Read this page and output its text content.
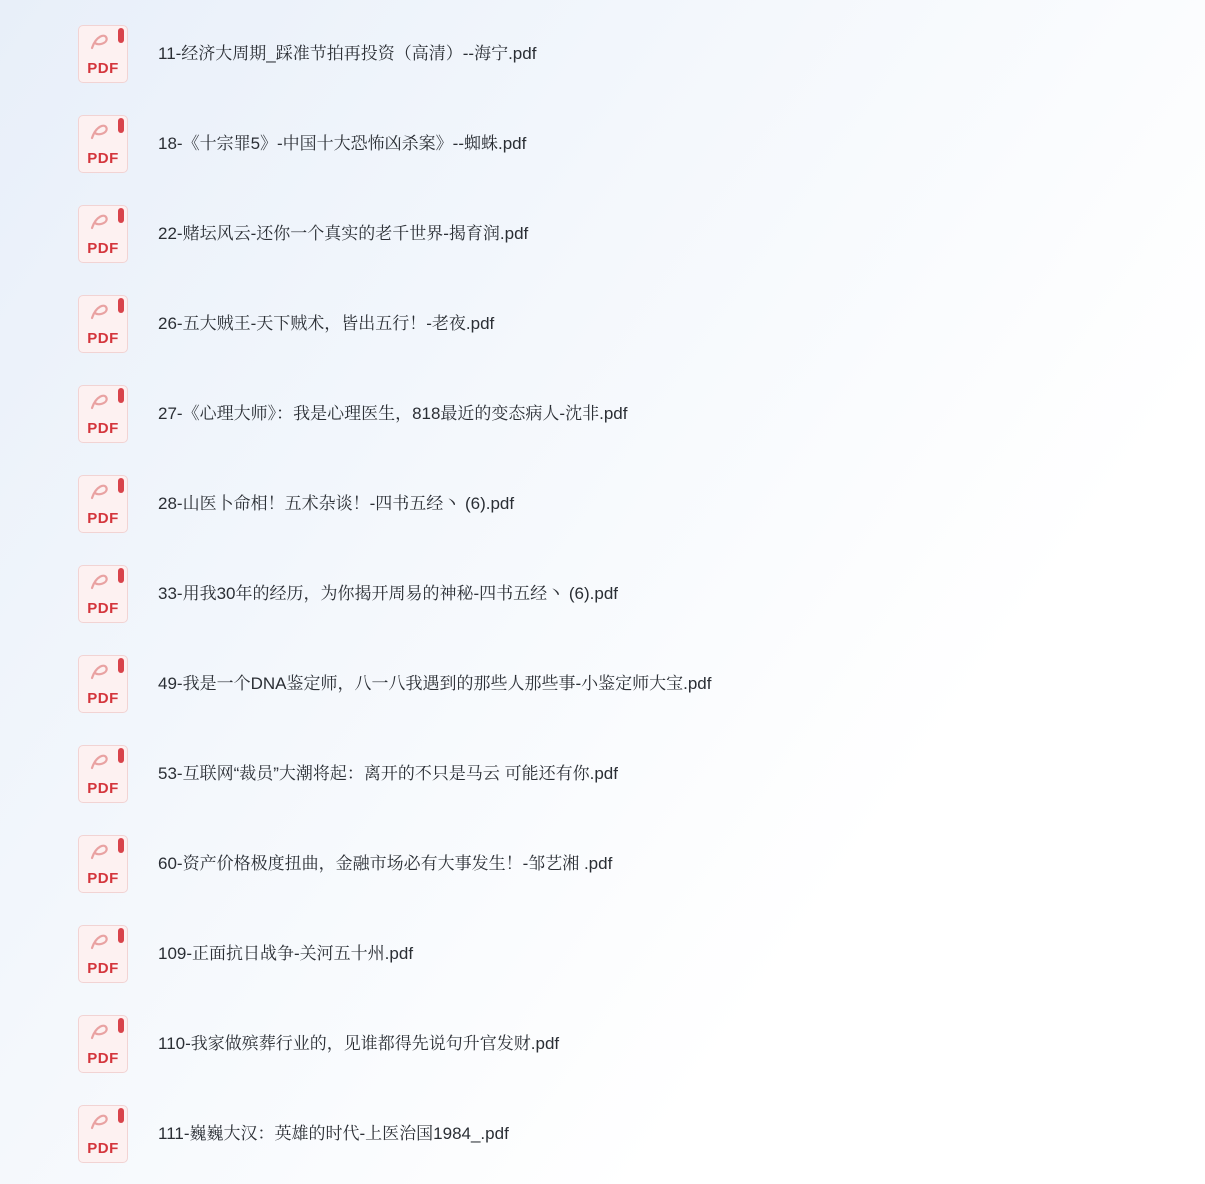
PDF
11-经济大周期_踩准节拍再投资（高清）--海宁.pdf
PDF
18-《十宗罪5》-中国十大恐怖凶杀案》--蜘蛛.pdf
PDF
22-赌坛风云-还你一个真实的老千世界-揭育润.pdf
PDF
26-五大贼王-天下贼术，皆出五行！-老夜.pdf
PDF
27-《心理大师》：我是心理医生，818最近的变态病人-沈非.pdf
PDF
28-山医卜命相！五术杂谈！-四书五经丶 (6).pdf
PDF
33-用我30年的经历，为你揭开周易的神秘-四书五经丶 (6).pdf
PDF
49-我是一个DNA鉴定师，八一八我遇到的那些人那些事-小鉴定师大宝.pdf
PDF
53-互联网“裁员”大潮将起：离开的不只是马云 可能还有你.pdf
PDF
60-资产价格极度扭曲，金融市场必有大事发生！-邹艺湘 .pdf
PDF
109-正面抗日战争-关河五十州.pdf
PDF
110-我家做殡葬行业的，见谁都得先说句升官发财.pdf
PDF
111-巍巍大汉：英雄的时代-上医治国1984_.pdf
